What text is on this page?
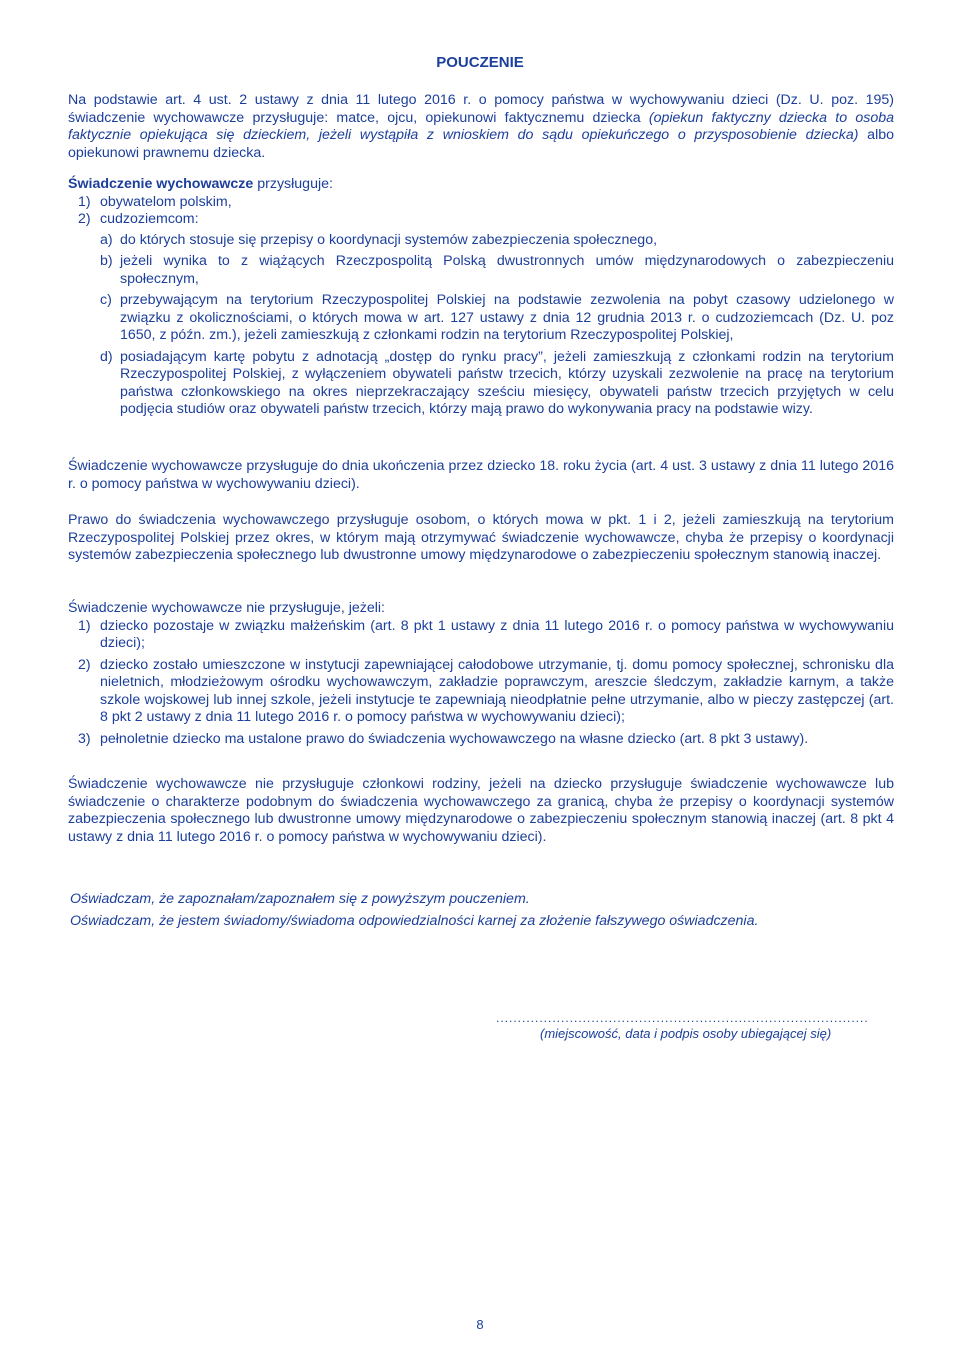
POUCZENIE
Na podstawie art. 4 ust. 2 ustawy z dnia 11 lutego 2016 r. o pomocy państwa w wychowywaniu dzieci (Dz. U. poz. 195) świadczenie wychowawcze przysługuje: matce, ojcu, opiekunowi faktycznemu dziecka (opiekun faktyczny dziecka to osoba faktycznie opiekująca się dzieckiem, jeżeli wystąpiła z wnioskiem do sądu opiekuńczego o przysposobienie dziecka) albo opiekunowi prawnemu dziecka.

Świadczenie wychowawcze przysługuje:

1) obywatelom polskim,
2) cudzoziemcom:
a) do których stosuje się przepisy o koordynacji systemów zabezpieczenia społecznego,
b) jeżeli wynika to z wiążących Rzeczpospolitą Polską dwustronnych umów międzynarodowych o zabezpieczeniu społecznym,
c) przebywającym na terytorium Rzeczypospolitej Polskiej na podstawie zezwolenia na pobyt czasowy udzielonego w związku z okolicznościami, o których mowa w art. 127 ustawy z dnia 12 grudnia 2013 r. o cudzoziemcach (Dz. U. poz 1650, z późn. zm.), jeżeli zamieszkują z członkami rodzin na terytorium Rzeczypospolitej Polskiej,
d) posiadającym kartę pobytu z adnotacją „dostęp do rynku pracy”, jeżeli zamieszkują z członkami rodzin na terytorium Rzeczypospolitej Polskiej, z wyłączeniem obywateli państw trzecich, którzy uzyskali zezwolenie na pracę na terytorium państwa członkowskiego na okres nieprzekraczający sześciu miesięcy, obywateli państw trzecich przyjętych w celu podjęcia studiów oraz obywateli państw trzecich, którzy mają prawo do wykonywania pracy na podstawie wizy.
Świadczenie wychowawcze przysługuje do dnia ukończenia przez dziecko 18. roku życia (art. 4 ust. 3 ustawy z dnia 11 lutego 2016 r. o pomocy państwa w wychowywaniu dzieci).
Prawo do świadczenia wychowawczego przysługuje osobom, o których mowa w pkt. 1 i 2, jeżeli zamieszkują na terytorium Rzeczypospolitej Polskiej przez okres, w którym mają otrzymywać świadczenie wychowawcze, chyba że przepisy o koordynacji systemów zabezpieczenia społecznego lub dwustronne umowy międzynarodowe o zabezpieczeniu społecznym stanowią inaczej.

Świadczenie wychowawcze nie przysługuje, jeżeli:

1) dziecko pozostaje w związku małżeńskim (art. 8 pkt 1 ustawy z dnia 11 lutego 2016 r. o pomocy państwa w wychowywaniu dzieci);
2) dziecko zostało umieszczone w instytucji zapewniającej całodobowe utrzymanie, tj. domu pomocy społecznej, schronisku dla nieletnich, młodzieżowym ośrodku wychowawczym, zakładzie poprawczym, areszcie śledczym, zakładzie karnym, a także szkole wojskowej lub innej szkole, jeżeli instytucje te zapewniają nieodpłatnie pełne utrzymanie, albo w pieczy zastępczej (art. 8 pkt 2 ustawy z dnia 11 lutego 2016 r. o pomocy państwa w wychowywaniu dzieci);
3) pełnoletnie dziecko ma ustalone prawo do świadczenia wychowawczego na własne dziecko (art. 8 pkt 3 ustawy).
Świadczenie wychowawcze nie przysługuje członkowi rodziny, jeżeli na dziecko przysługuje świadczenie wychowawcze lub świadczenie o charakterze podobnym do świadczenia wychowawczego za granicą, chyba że przepisy o koordynacji systemów zabezpieczenia społecznego lub dwustronne umowy międzynarodowe o zabezpieczeniu społecznym stanowią inaczej (art. 8 pkt 4 ustawy z dnia 11 lutego 2016 r. o pomocy państwa w wychowywaniu dzieci).

Oświadczam, że zapoznałam/zapoznałem się z powyższym pouczeniem.

Oświadczam, że jestem świadomy/świadoma odpowiedzialności karnej za złożenie fałszywego oświadczenia.

......................................................................................
(miejscowość, data i podpis osoby ubiegającej się)
8
